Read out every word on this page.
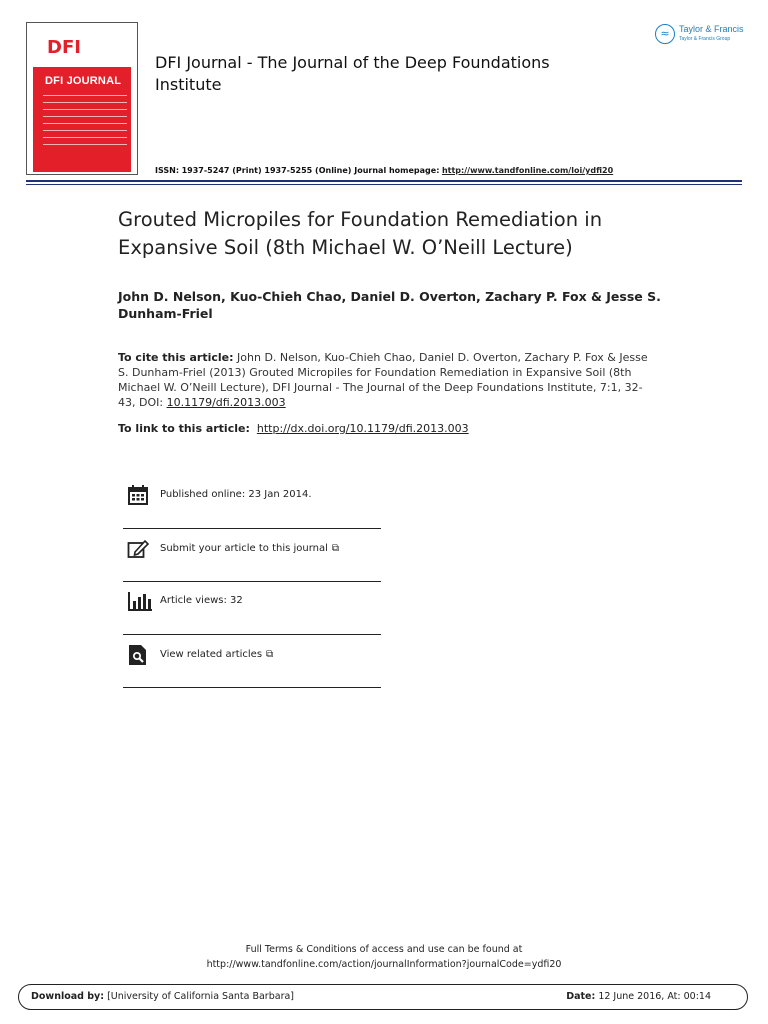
DFI
DFI JOURNAL
DFI Journal - The Journal of the Deep Foundations Institute
ISSN: 1937-5247 (Print) 1937-5255 (Online) Journal homepage: http://www.tandfonline.com/loi/ydfi20
≈	Taylor & Francis
Taylor & Francis Group
Grouted Micropiles for Foundation Remediation in Expansive Soil (8th Michael W. O’Neill Lecture)
John D. Nelson, Kuo-Chieh Chao, Daniel D. Overton, Zachary P. Fox & Jesse S. Dunham-Friel
To cite this article: John D. Nelson, Kuo-Chieh Chao, Daniel D. Overton, Zachary P. Fox & Jesse S. Dunham-Friel (2013) Grouted Micropiles for Foundation Remediation in Expansive Soil (8th Michael W. O’Neill Lecture), DFI Journal - The Journal of the Deep Foundations Institute, 7:1, 32-43, DOI: 10.1179/dfi.2013.003
To link to this article: http://dx.doi.org/10.1179/dfi.2013.003
Published online: 23 Jan 2014.
Submit your article to this journal ⧉
Article views: 32
View related articles ⧉
Full Terms & Conditions of access and use can be found at
http://www.tandfonline.com/action/journalInformation?journalCode=ydfi20
Download by: [University of California Santa Barbara]	Date: 12 June 2016, At: 00:14
